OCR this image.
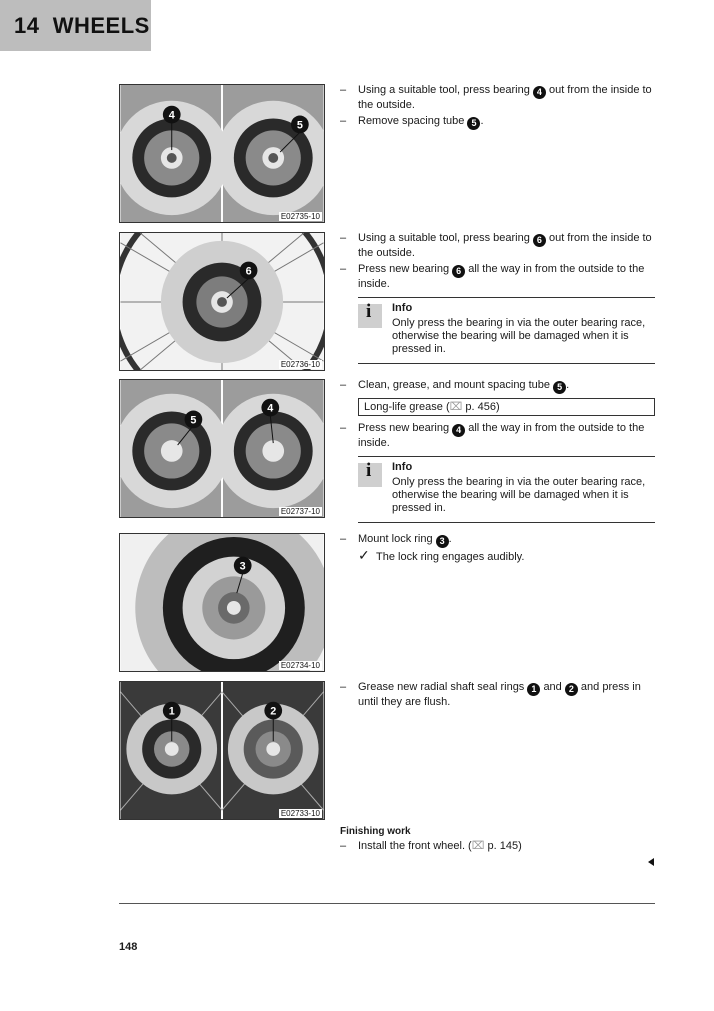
14 WHEELS
4
5
E02735-10
6
E02736-10
5
4
E02737-10
3
E02734-10
1	2
E02733-10
– Using a suitable tool, press bearing 4 out from the inside to the outside.
– Remove spacing tube 5 .
– Using a suitable tool, press bearing 6 out from the inside to the outside.
– Press new bearing 6 all the way in from the outside to the inside.
i Info
Only press the bearing in via the outer bearing race, otherwise the bearing will be damaged when it is pressed in.
– Clean, grease, and mount spacing tube 5 .
Long-life grease (⌧ p. 456)
– Press new bearing 4 all the way in from the outside to the inside.
i Info
Only press the bearing in via the outer bearing race, otherwise the bearing will be damaged when it is pressed in.
– Mount lock ring 3 .
✓ The lock ring engages audibly.
– Grease new radial shaft seal rings 1 and 2 and press in until they are flush.
Finishing work
– Install the front wheel. (⌧ p. 145)
148
